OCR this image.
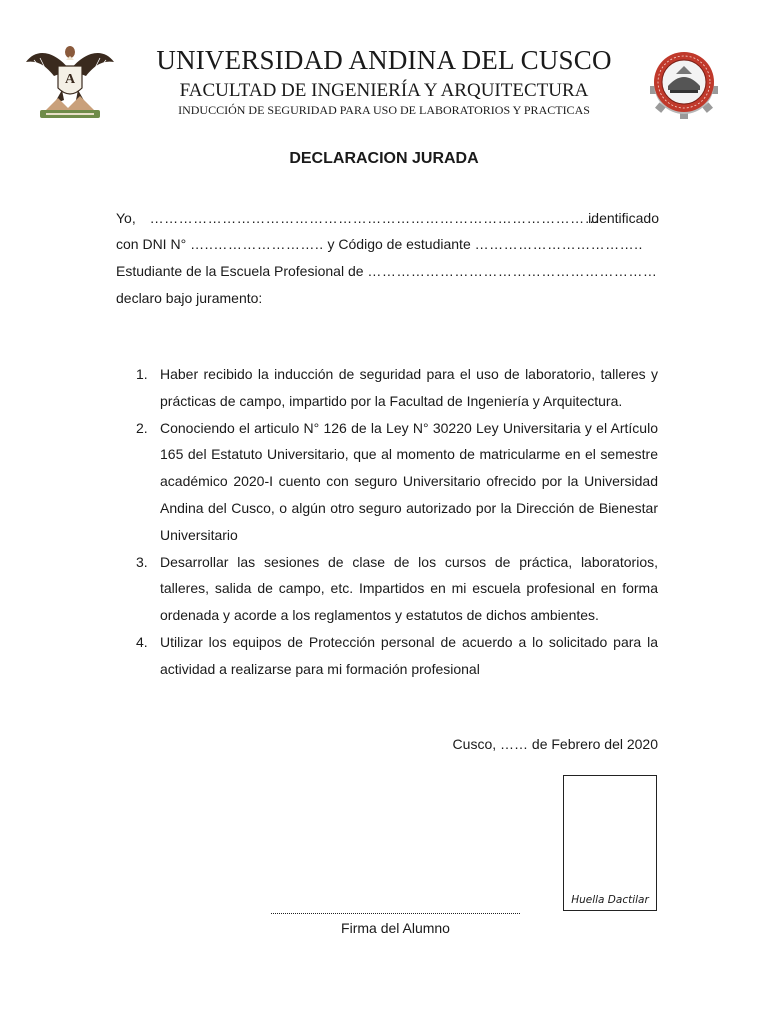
A
UNIVERSIDAD ANDINA DEL CUSCO
FACULTAD DE INGENIERÍA Y ARQUITECTURA
INDUCCIÓN DE SEGURIDAD PARA USO DE LABORATORIOS Y PRACTICAS
DECLARACION JURADA
Yo, …………………………………………………………………………………
identificado
con DNI N° …..………………….. y Código de estudiante ……………………………..
Estudiante de la Escuela Profesional de ……………………………………………………
declaro bajo juramento:
1. Haber recibido la inducción de seguridad para el uso de laboratorio, talleres y prácticas de campo, impartido por la Facultad de Ingeniería y Arquitectura.
2. Conociendo el articulo N° 126 de la Ley N° 30220 Ley Universitaria y el Artículo 165 del Estatuto Universitario, que al momento de matricularme en el semestre académico 2020-I cuento con seguro Universitario ofrecido por la Universidad Andina del Cusco, o algún otro seguro autorizado por la Dirección de Bienestar Universitario
3. Desarrollar las sesiones de clase de los cursos de práctica, laboratorios, talleres, salida de campo, etc. Impartidos en mi escuela profesional en forma ordenada y acorde a los reglamentos y estatutos de dichos ambientes.
4. Utilizar los equipos de Protección personal de acuerdo a lo solicitado para la actividad a realizarse para mi formación profesional
Cusco, …… de Febrero del 2020
Huella Dactilar
Firma del Alumno
